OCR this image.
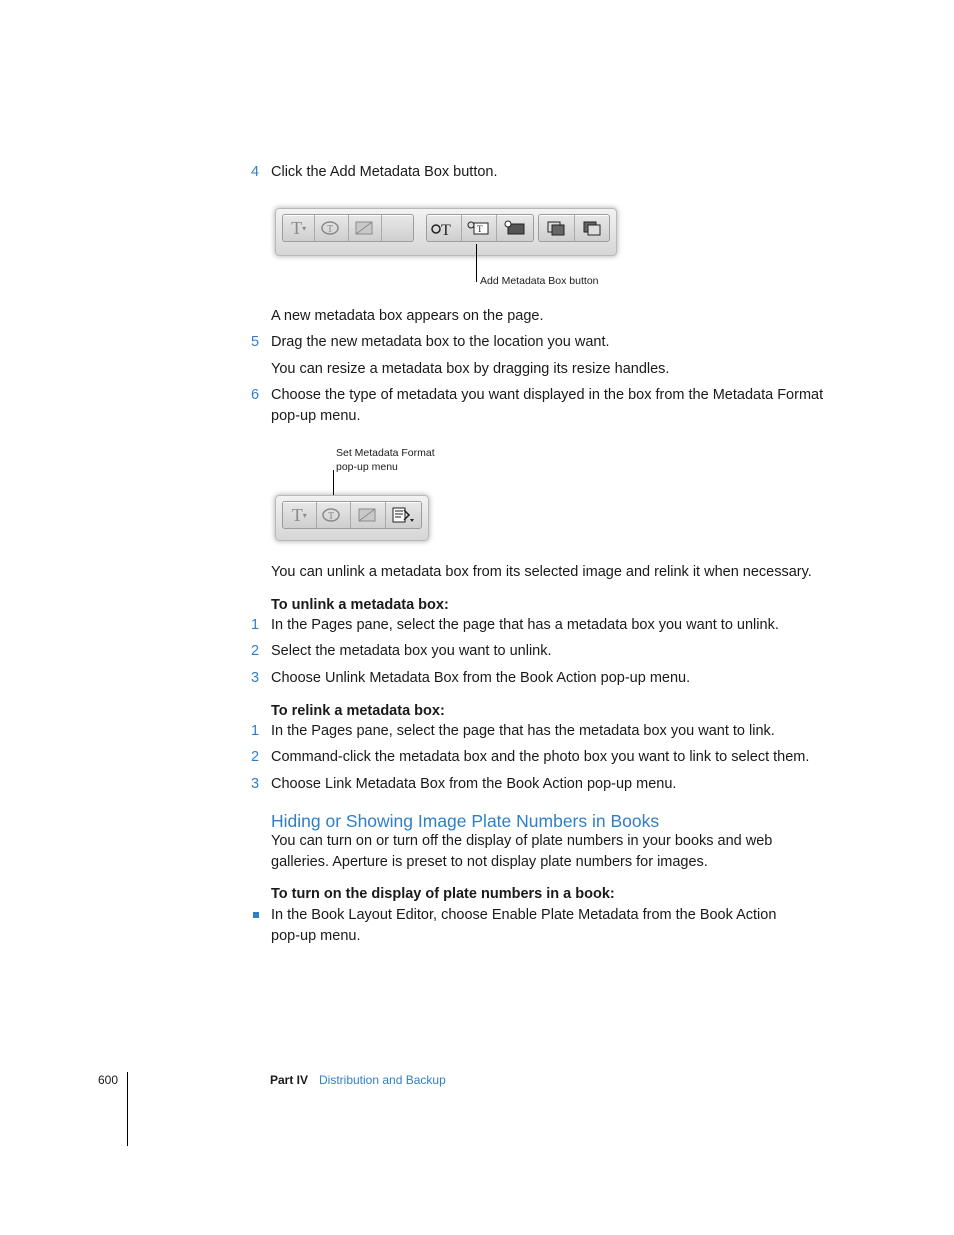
4 Click the Add Metadata Box button.
T ▾ T	T	T
Add Metadata Box button
A new metadata box appears on the page.
5 Drag the new metadata box to the location you want.
You can resize a metadata box by dragging its resize handles.
6 Choose the type of metadata you want displayed in the box from the Metadata Format pop-up menu.
Set Metadata Format
pop-up menu
T ▾ T
You can unlink a metadata box from its selected image and relink it when necessary.
To unlink a metadata box:
1 In the Pages pane, select the page that has a metadata box you want to unlink.
2 Select the metadata box you want to unlink.
3 Choose Unlink Metadata Box from the Book Action pop-up menu.
To relink a metadata box:
1 In the Pages pane, select the page that has the metadata box you want to link.
2 Command-click the metadata box and the photo box you want to link to select them.
3 Choose Link Metadata Box from the Book Action pop-up menu.
Hiding or Showing Image Plate Numbers in Books
You can turn on or turn off the display of plate numbers in your books and web galleries. Aperture is preset to not display plate numbers for images.
To turn on the display of plate numbers in a book:
In the Book Layout Editor, choose Enable Plate Metadata from the Book Action pop-up menu.
600	Part IV Distribution and Backup
